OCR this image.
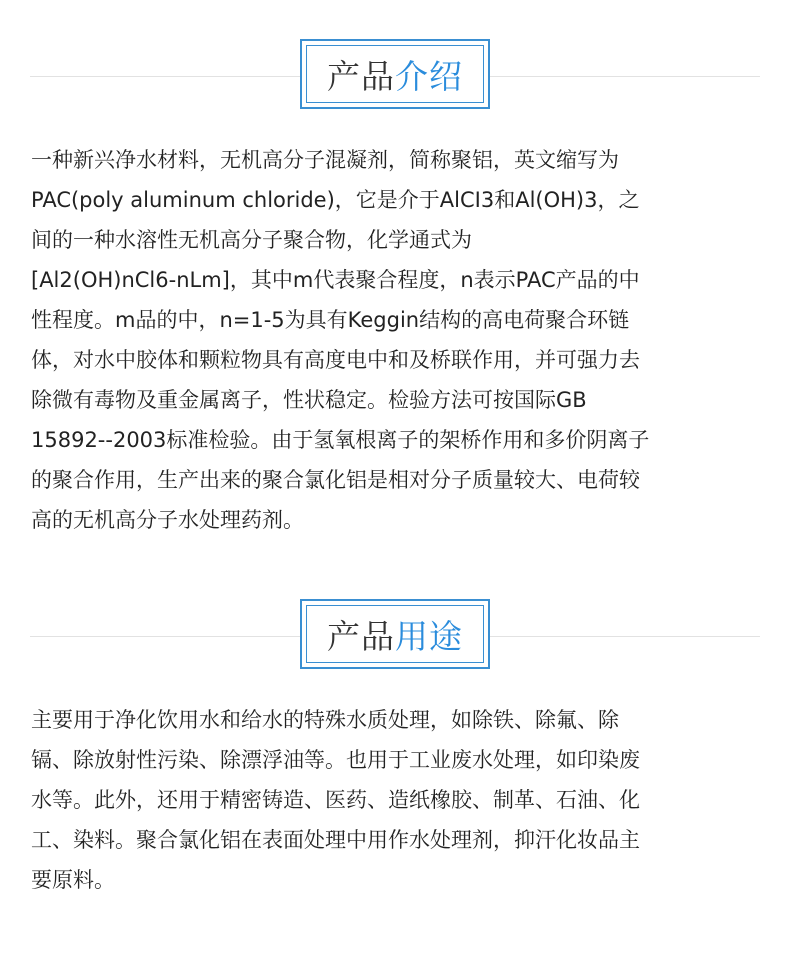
产品 介绍

一种新兴净水材料，无机高分子混凝剂，简称聚铝，英文缩写为
PAC(poly aluminum chloride)，它是介于AlCI3和Al(OH)3，之
间的一种水溶性无机高分子聚合物，化学通式为
[Al2(OH)nCl6-nLm]，其中m代表聚合程度，n表示PAC产品的中
性程度。m品的中，n=1-5为具有Keggin结构的高电荷聚合环链
体，对水中胶体和颗粒物具有高度电中和及桥联作用，并可强力去
除微有毒物及重金属离子，性状稳定。检验方法可按国际GB
15892--2003标准检验。由于氢氧根离子的架桥作用和多价阴离子
的聚合作用，生产出来的聚合氯化铝是相对分子质量较大、电荷较
高的无机高分子水处理药剂。

产品 用途

主要用于净化饮用水和给水的特殊水质处理，如除铁、除氟、除
镉、除放射性污染、除漂浮油等。也用于工业废水处理，如印染废
水等。此外，还用于精密铸造、医药、造纸橡胶、制革、石油、化
工、染料。聚合氯化铝在表面处理中用作水处理剂，抑汗化妆品主
要原料。
